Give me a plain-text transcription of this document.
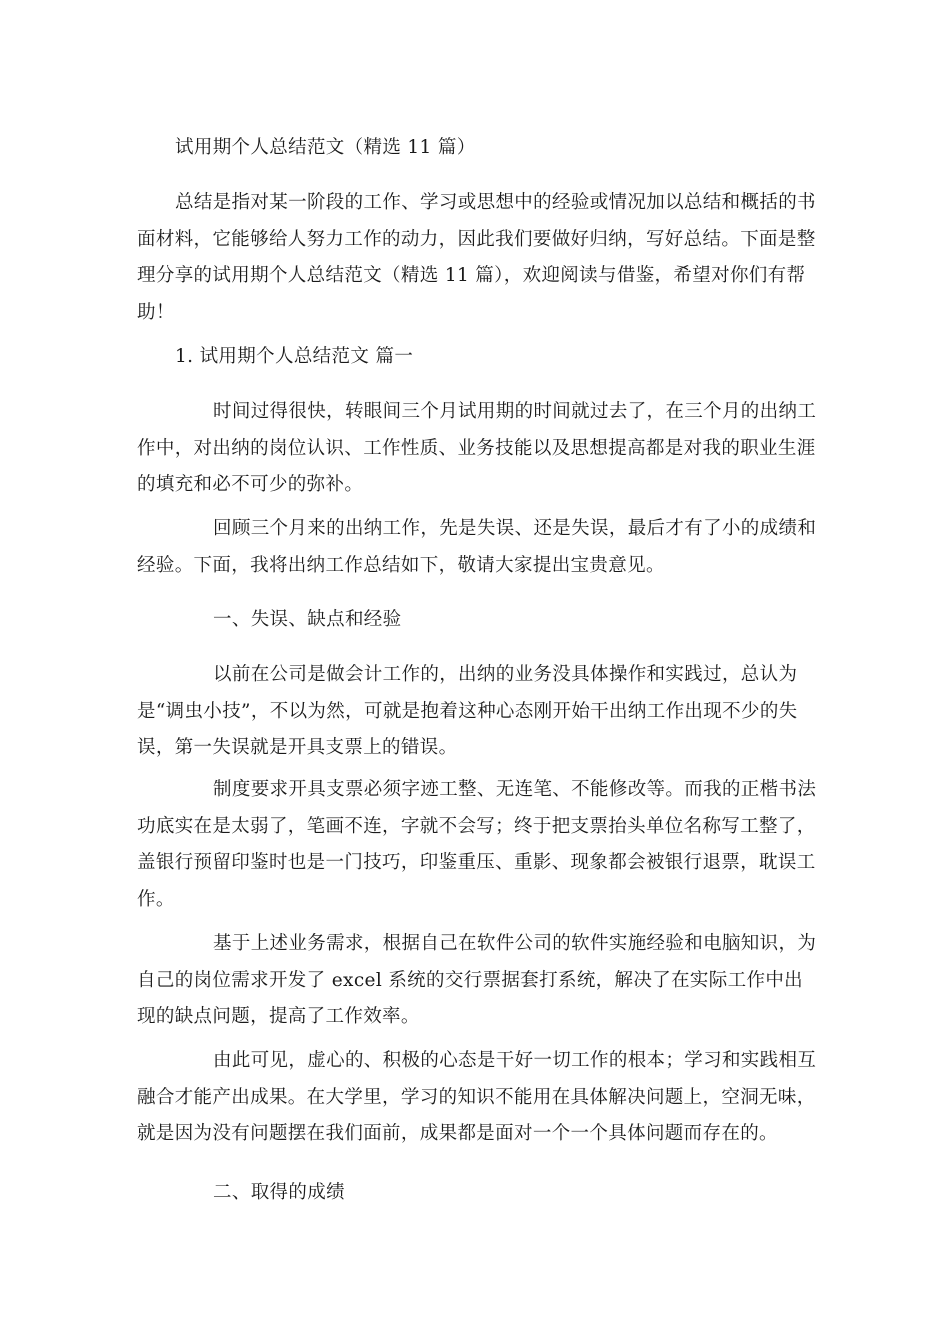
试用期个人总结范文（精选 11 篇）

总结是指对某一阶段的工作、学习或思想中的经验或情况加以总结和概括的书面材料，它能够给人努力工作的动力，因此我们要做好归纳，写好总结。下面是整理分享的试用期个人总结范文（精选 11 篇），欢迎阅读与借鉴，希望对你们有帮助！

1. 试用期个人总结范文 篇一

时间过得很快，转眼间三个月试用期的时间就过去了，在三个月的出纳工作中，对出纳的岗位认识、工作性质、业务技能以及思想提高都是对我的职业生涯的填充和必不可少的弥补。

回顾三个月来的出纳工作，先是失误、还是失误，最后才有了小的成绩和经验。下面，我将出纳工作总结如下，敬请大家提出宝贵意见。

一、失误、缺点和经验

以前在公司是做会计工作的，出纳的业务没具体操作和实践过，总认为是“调虫小技”，不以为然，可就是抱着这种心态刚开始干出纳工作出现不少的失误，第一失误就是开具支票上的错误。

制度要求开具支票必须字迹工整、无连笔、不能修改等。而我的正楷书法功底实在是太弱了，笔画不连，字就不会写；终于把支票抬头单位名称写工整了，盖银行预留印鉴时也是一门技巧，印鉴重压、重影、现象都会被银行退票，耽误工作。

基于上述业务需求，根据自己在软件公司的软件实施经验和电脑知识，为自己的岗位需求开发了 excel 系统的交行票据套打系统，解决了在实际工作中出现的缺点问题，提高了工作效率。

由此可见，虚心的、积极的心态是干好一切工作的根本；学习和实践相互融合才能产出成果。在大学里，学习的知识不能用在具体解决问题上，空洞无味，就是因为没有问题摆在我们面前，成果都是面对一个一个具体问题而存在的。

二、取得的成绩
